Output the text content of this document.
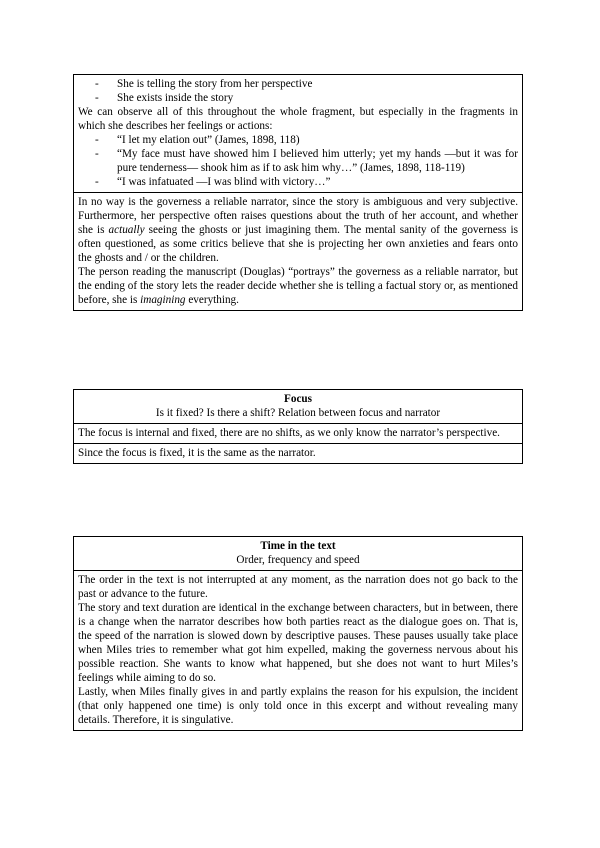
- She is telling the story from her perspective
- She exists inside the story

We can observe all of this throughout the whole fragment, but especially in the fragments in which she describes her feelings or actions:

- “I let my elation out” (James, 1898, 118)
- “My face must have showed him I believed him utterly; yet my hands —but it was for pure tenderness— shook him as if to ask him why…” (James, 1898, 118-119)
- “I was infatuated —I was blind with victory…”

In no way is the governess a reliable narrator, since the story is ambiguous and very subjective. Furthermore, her perspective often raises questions about the truth of her account, and whether she is actually seeing the ghosts or just imagining them. The mental sanity of the governess is often questioned, as some critics believe that she is projecting her own anxieties and fears onto the ghosts and / or the children.

The person reading the manuscript (Douglas) “portrays” the governess as a reliable narrator, but the ending of the story lets the reader decide whether she is telling a factual story or, as mentioned before, she is imagining everything.

Focus
Is it fixed? Is there a shift? Relation between focus and narrator
The focus is internal and fixed, there are no shifts, as we only know the narrator’s perspective.
Since the focus is fixed, it is the same as the narrator.
Time in the text
Order, frequency and speed

The order in the text is not interrupted at any moment, as the narration does not go back to the past or advance to the future.

The story and text duration are identical in the exchange between characters, but in between, there is a change when the narrator describes how both parties react as the dialogue goes on. That is, the speed of the narration is slowed down by descriptive pauses. These pauses usually take place when Miles tries to remember what got him expelled, making the governess nervous about his possible reaction. She wants to know what happened, but she does not want to hurt Miles’s feelings while aiming to do so.

Lastly, when Miles finally gives in and partly explains the reason for his expulsion, the incident (that only happened one time) is only told once in this excerpt and without revealing many details. Therefore, it is singulative.
